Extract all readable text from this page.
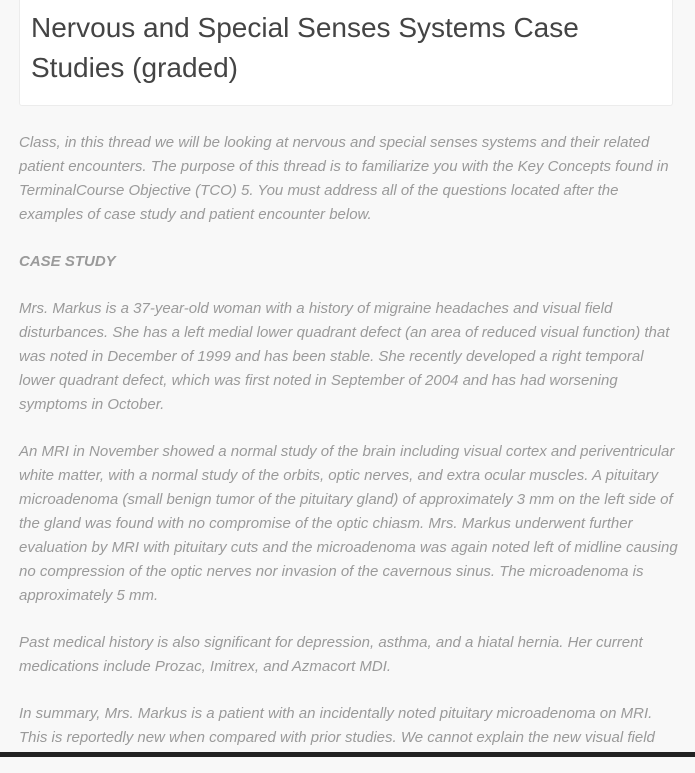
Nervous and Special Senses Systems Case Studies (graded)

Class, in this thread we will be looking at nervous and special senses systems and their related patient encounters. The purpose of this thread is to familiarize you with the Key Concepts found in TerminalCourse Objective (TCO) 5. You must address all of the questions located after the examples of case study and patient encounter below.

CASE STUDY

Mrs. Markus is a 37-year-old woman with a history of migraine headaches and visual field disturbances. She has a left medial lower quadrant defect (an area of reduced visual function) that was noted in December of 1999 and has been stable. She recently developed a right temporal lower quadrant defect, which was first noted in September of 2004 and has had worsening symptoms in October.

An MRI in November showed a normal study of the brain including visual cortex and periventricular white matter, with a normal study of the orbits, optic nerves, and extra ocular muscles. A pituitary microadenoma (small benign tumor of the pituitary gland) of approximately 3 mm on the left side of the gland was found with no compromise of the optic chiasm. Mrs. Markus underwent further evaluation by MRI with pituitary cuts and the microadenoma was again noted left of midline causing no compression of the optic nerves nor invasion of the cavernous sinus. The microadenoma is approximately 5 mm.

Past medical history is also significant for depression, asthma, and a hiatal hernia. Her current medications include Prozac, Imitrex, and Azmacort MDI.

In summary, Mrs. Markus is a patient with an incidentally noted pituitary microadenoma on MRI. This is reportedly new when compared with prior studies. We cannot explain the new visual field
